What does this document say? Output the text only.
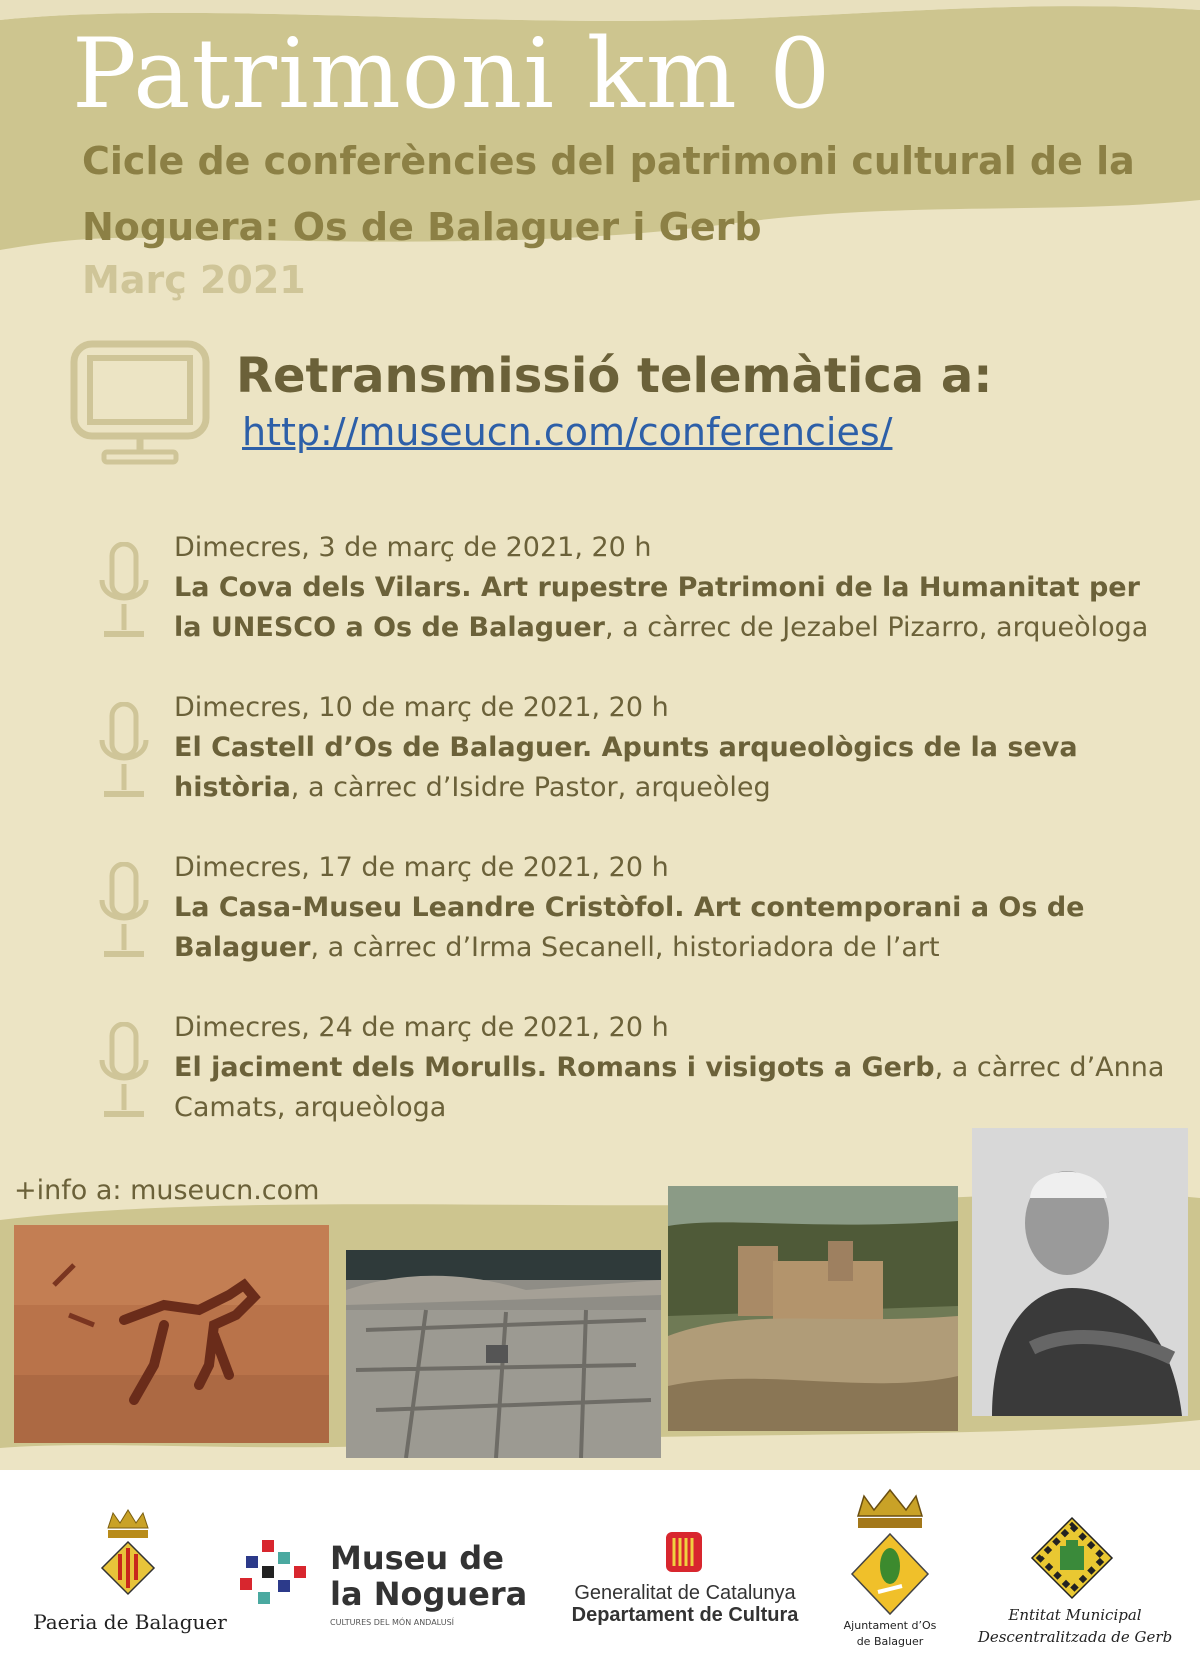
Patrimoni km 0
Cicle de conferències del patrimoni cultural de la Noguera: Os de Balaguer i Gerb
Març 2021
Retransmissió telemàtica a:
http://museucn.com/conferencies/
Dimecres, 3 de març de 2021, 20 h
La Cova dels Vilars. Art rupestre Patrimoni de la Humanitat per la UNESCO a Os de Balaguer, a càrrec de Jezabel Pizarro, arqueòloga
Dimecres, 10 de març de 2021, 20 h
El Castell d’Os de Balaguer. Apunts arqueològics de la seva història, a càrrec d’Isidre Pastor, arqueòleg
Dimecres, 17 de març de 2021, 20 h
La Casa-Museu Leandre Cristòfol. Art contemporani a Os de Balaguer, a càrrec d’Irma Secanell, historiadora de l’art
Dimecres, 24 de març de 2021, 20 h
El jaciment dels Morulls. Romans i visigots a Gerb, a càrrec d’Anna Camats, arqueòloga
+info a: museucn.com
Paeria de Balaguer
Museu de
la Noguera
CULTURES DEL MÓN ANDALUSÍ
Generalitat de Catalunya
Departament de Cultura	Ajuntament d’Os
de Balaguer
Entitat Municipal
Descentralitzada de Gerb
